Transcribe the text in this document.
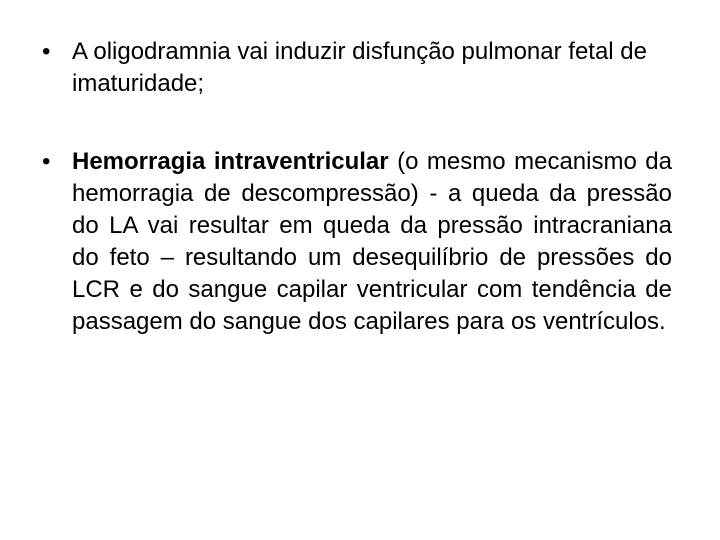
• A oligodramnia vai induzir disfunção pulmonar fetal de imaturidade;
• Hemorragia intraventricular (o mesmo mecanismo da hemorragia de descompressão) - a queda da pressão do LA vai resultar em queda da pressão intracraniana do feto – resultando um desequilíbrio de pressões do LCR e do sangue capilar ventricular com tendência de passagem do sangue dos capilares para os ventrículos.
